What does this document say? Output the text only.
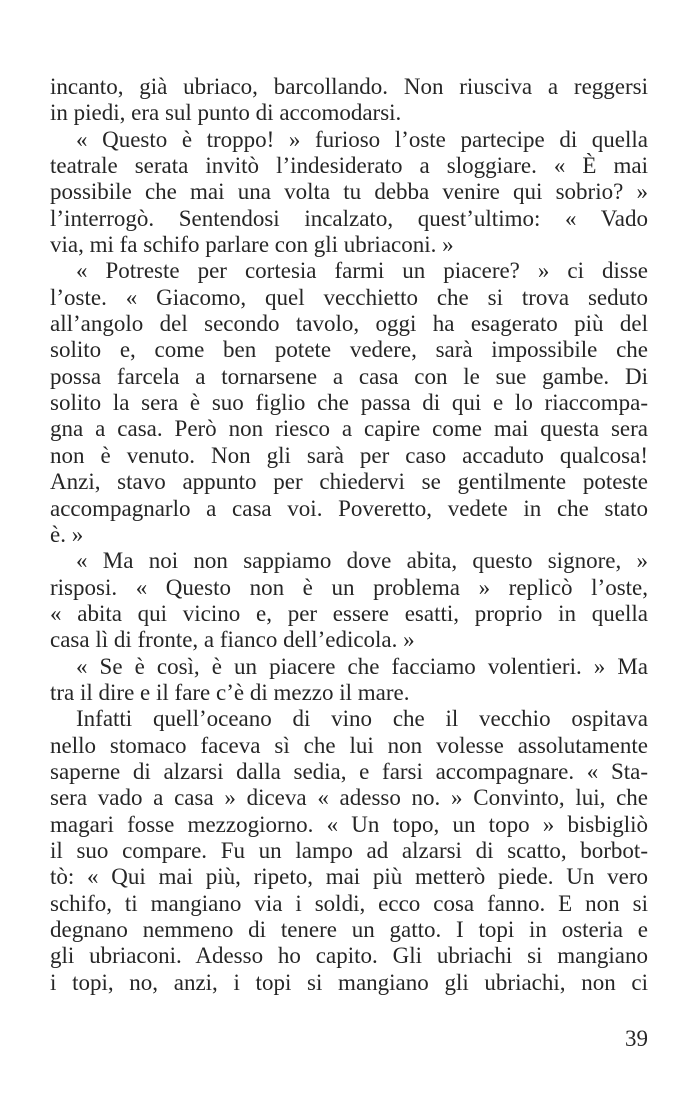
incanto, già ubriaco, barcollando. Non riusciva a reggersi
in piedi, era sul punto di accomodarsi.
« Questo è troppo! » furioso l’oste partecipe di quella
teatrale serata invitò l’indesiderato a sloggiare. « È mai
possibile che mai una volta tu debba venire qui sobrio? »
l’interrogò. Sentendosi incalzato, quest’ultimo: « Vado
via, mi fa schifo parlare con gli ubriaconi. »
« Potreste per cortesia farmi un piacere? » ci disse
l’oste. « Giacomo, quel vecchietto che si trova seduto
all’angolo del secondo tavolo, oggi ha esagerato più del
solito e, come ben potete vedere, sarà impossibile che
possa farcela a tornarsene a casa con le sue gambe. Di
solito la sera è suo figlio che passa di qui e lo riaccompa-
gna a casa. Però non riesco a capire come mai questa sera
non è venuto. Non gli sarà per caso accaduto qualcosa!
Anzi, stavo appunto per chiedervi se gentilmente poteste
accompagnarlo a casa voi. Poveretto, vedete in che stato
è. »
« Ma noi non sappiamo dove abita, questo signore, »
risposi. « Questo non è un problema » replicò l’oste,
« abita qui vicino e, per essere esatti, proprio in quella
casa lì di fronte, a fianco dell’edicola. »
« Se è così, è un piacere che facciamo volentieri. » Ma
tra il dire e il fare c’è di mezzo il mare.
Infatti quell’oceano di vino che il vecchio ospitava
nello stomaco faceva sì che lui non volesse assolutamente
saperne di alzarsi dalla sedia, e farsi accompagnare. « Sta-
sera vado a casa » diceva « adesso no. » Convinto, lui, che
magari fosse mezzogiorno. « Un topo, un topo » bisbigliò
il suo compare. Fu un lampo ad alzarsi di scatto, borbot-
tò: « Qui mai più, ripeto, mai più metterò piede. Un vero
schifo, ti mangiano via i soldi, ecco cosa fanno. E non si
degnano nemmeno di tenere un gatto. I topi in osteria e
gli ubriaconi. Adesso ho capito. Gli ubriachi si mangiano
i topi, no, anzi, i topi si mangiano gli ubriachi, non ci
39
